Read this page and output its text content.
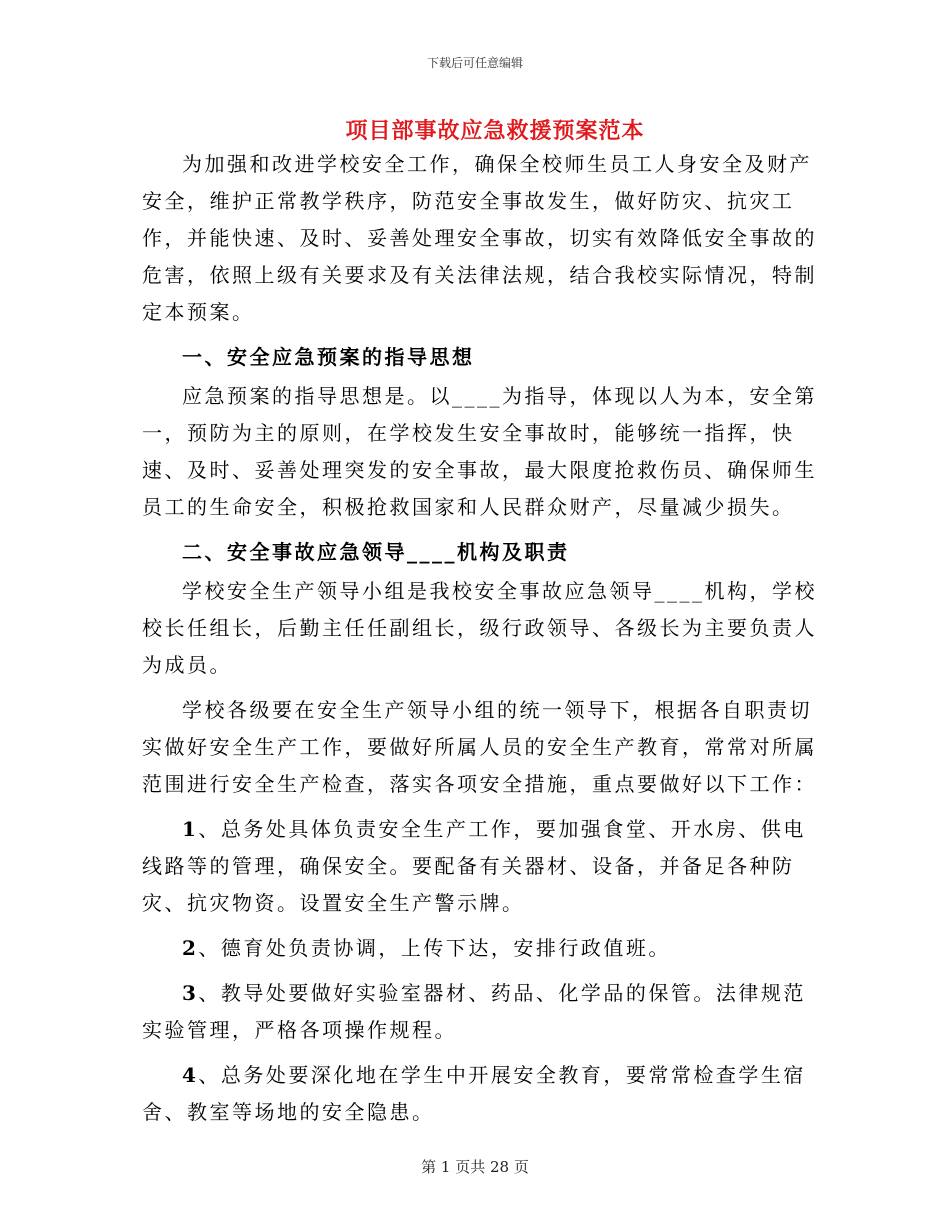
下载后可任意编辑
项目部事故应急救援预案范本

为加强和改进学校安全工作，确保全校师生员工人身安全及财产安全，维护正常教学秩序，防范安全事故发生，做好防灾、抗灾工作，并能快速、及时、妥善处理安全事故，切实有效降低安全事故的危害，依照上级有关要求及有关法律法规，结合我校实际情况，特制定本预案。

一、安全应急预案的指导思想

应急预案的指导思想是。以____为指导，体现以人为本，安全第一，预防为主的原则，在学校发生安全事故时，能够统一指挥，快速、及时、妥善处理突发的安全事故，最大限度抢救伤员、确保师生员工的生命安全，积极抢救国家和人民群众财产，尽量减少损失。

二、安全事故应急领导____机构及职责

学校安全生产领导小组是我校安全事故应急领导____机构，学校校长任组长，后勤主任任副组长，级行政领导、各级长为主要负责人为成员。

学校各级要在安全生产领导小组的统一领导下，根据各自职责切实做好安全生产工作，要做好所属人员的安全生产教育，常常对所属范围进行安全生产检查，落实各项安全措施，重点要做好以下工作：

1、总务处具体负责安全生产工作，要加强食堂、开水房、供电线路等的管理，确保安全。要配备有关器材、设备，并备足各种防灾、抗灾物资。设置安全生产警示牌。

2、德育处负责协调，上传下达，安排行政值班。

3、教导处要做好实验室器材、药品、化学品的保管。法律规范实验管理，严格各项操作规程。

4、总务处要深化地在学生中开展安全教育，要常常检查学生宿舍、教室等场地的安全隐患。

第 1 页共 28 页
